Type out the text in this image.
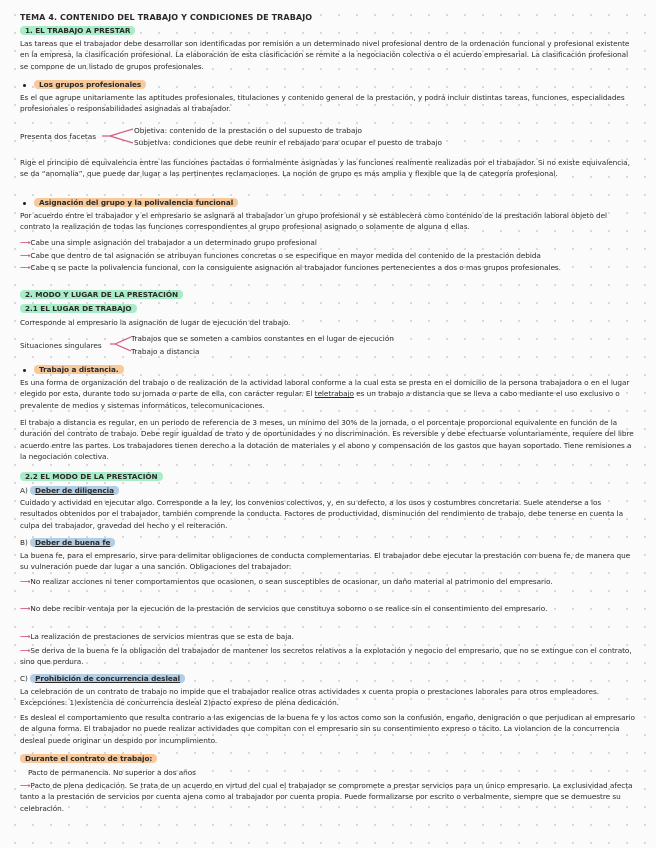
TEMA 4. CONTENIDO DEL TRABAJO Y CONDICIONES DE TRABAJO
1. EL TRABAJO A PRESTAR
Las tareas que el trabajador debe desarrollar son identificadas por remisión a un determinado nivel profesional dentro de la ordenación funcional y profesional existente en la empresa, la clasificación profesional. La elaboración de esta clasificación se remite a la negociación colectiva o el acuerdo empresarial. La clasificación profesional se compone de un listado de grupos profesionales.
Los grupos profesionales
Es el que agrupe unitariamente las aptitudes profesionales, titulaciones y contenido general de la prestación, y podrá incluir distintas tareas, funciones, especialidades profesionales o responsabilidades asignadas al trabajador.
Presenta dos facetas
Objetiva: contenido de la prestación o del supuesto de trabajo
Subjetiva: condiciones que debe reunir el rebajado para ocupar el puesto de trabajo
Rige el principio de equivalencia entre las funciones pactadas o formalmente asignadas y las funciones realmente realizadas por el trabajador. Si no existe equivalencia, se da “anomalía”, que puede dar lugar a las pertinentes reclamaciones. La noción de grupo es más amplia y flexible que la de categoría profesional.
Asignación del grupo y la polivalencia funcional
Por acuerdo entre el trabajador y el empresario se asignará al trabajador un grupo profesional y se establecerá como contenido de la prestación laboral objeto del contrato la realización de todas las funciones correspondientes al grupo profesional asignado o solamente de alguna d ellas.
⟶Cabe una simple asignación del trabajador a un determinado grupo profesional
⟶Cabe que dentro de tal asignación se atribuyan funciones concretas o se especifique en mayor medida del contenido de la prestación debida
⟶Cabe q se pacte la polivalencia funcional, con la consiguiente asignación al trabajador funciones pertenecientes a dos o mas grupos profesionales.
2. MODO Y LUGAR DE LA PRESTACIÓN
2.1 EL LUGAR DE TRABAJO
Corresponde al empresario la asignación de lugar de ejecución del trabajo.
Situaciones singulares
Trabajos que se someten a cambios constantes en el lugar de ejecución
Trabajo a distancia
Trabajo a distancia.
Es una forma de organización del trabajo o de realización de la actividad laboral conforme a la cual esta se presta en el domicilio de la persona trabajadora o en el lugar elegido por esta, durante todo su jornada o parte de ella, con carácter regular. El teletrabajo es un trabajo a distancia que se lleva a cabo mediante el uso exclusivo o prevalente de medios y sistemas informáticos, telecomunicaciones.
El trabajo a distancia es regular, en un periodo de referencia de 3 meses, un mínimo del 30% de la jornada, o el porcentaje proporcional equivalente en función de la duración del contrato de trabajo. Debe regir igualdad de trato y de oportunidades y no discriminación. Es reversible y debe efectuarse voluntariamente, requiere del libre acuerdo entre las partes. Los trabajadores tienen derecho a la dotación de materiales y el abono y compensación de los gastos que hayan soportado. Tiene remisiones a la negociación colectiva.
2.2 EL MODO DE LA PRESTACIÓN
A) Deber de diligencia
Cuidado y actividad en ejecutar algo. Corresponde a la ley, los convenios colectivos, y, en su defecto, a los usos y costumbres concretaria. Suele atenderse a los resultados obtenidos por el trabajador, también comprende la conducta. Factores de productividad, disminución del rendimiento de trabajo, debe tenerse en cuenta la culpa del trabajador, gravedad del hecho y el reiteración.
B) Deber de buena fe
La buena fe, para el empresario, sirve para delimitar obligaciones de conducta complementarias. El trabajador debe ejecutar la prestación con buena fe, de manera que su vulneración puede dar lugar a una sanción. Obligaciones del trabajador:
⟶No realizar acciones ni tener comportamientos que ocasionen, o sean susceptibles de ocasionar, un daño material al patrimonio del empresario.
⟶No debe recibir ventaja por la ejecución de la prestación de servicios que constituya soborno o se realice sin el consentimiento del empresario.
⟶La realización de prestaciones de servicios mientras que se esta de baja.
⟶Se deriva de la buena fe la obligación del trabajador de mantener los secretos relativos a la explotación y negocio del empresario, que no se extingue con el contrato, sino que perdura.
C) Prohibición de concurrencia desleal
La celebración de un contrato de trabajo no impide que el trabajador realice otras actividades x cuenta propia o prestaciones laborales para otros empleadores. Excepciones: 1)existencia de concurrencia desleal 2)pacto expreso de plena dedicación.
Es desleal el comportamiento que resulta contrario a las exigencias de la buena fe y los actos como son la confusión, engaño, denigración o que perjudican al empresario de alguna forma. El trabajador no puede realizar actividades que compitan con el empresario sin su consentimiento expreso o tácito. La violancion de la concurrencia desleal puede originar un despido por incumplimiento.
Durante el contrato de trabajo:
Pacto de permanencia. No superior a dos años
⟶Pacto de plena dedicación. Se trata de un acuerdo en virtud del cual el trabajador se compromete a prestar servicios para un único empresario. La exclusividad afecta tanto a la prestación de servicios por cuenta ajena como al trabajador por cuenta propia. Puede formalizarse por escrito o verbalmente, siempre que se demuestre su celebración.
